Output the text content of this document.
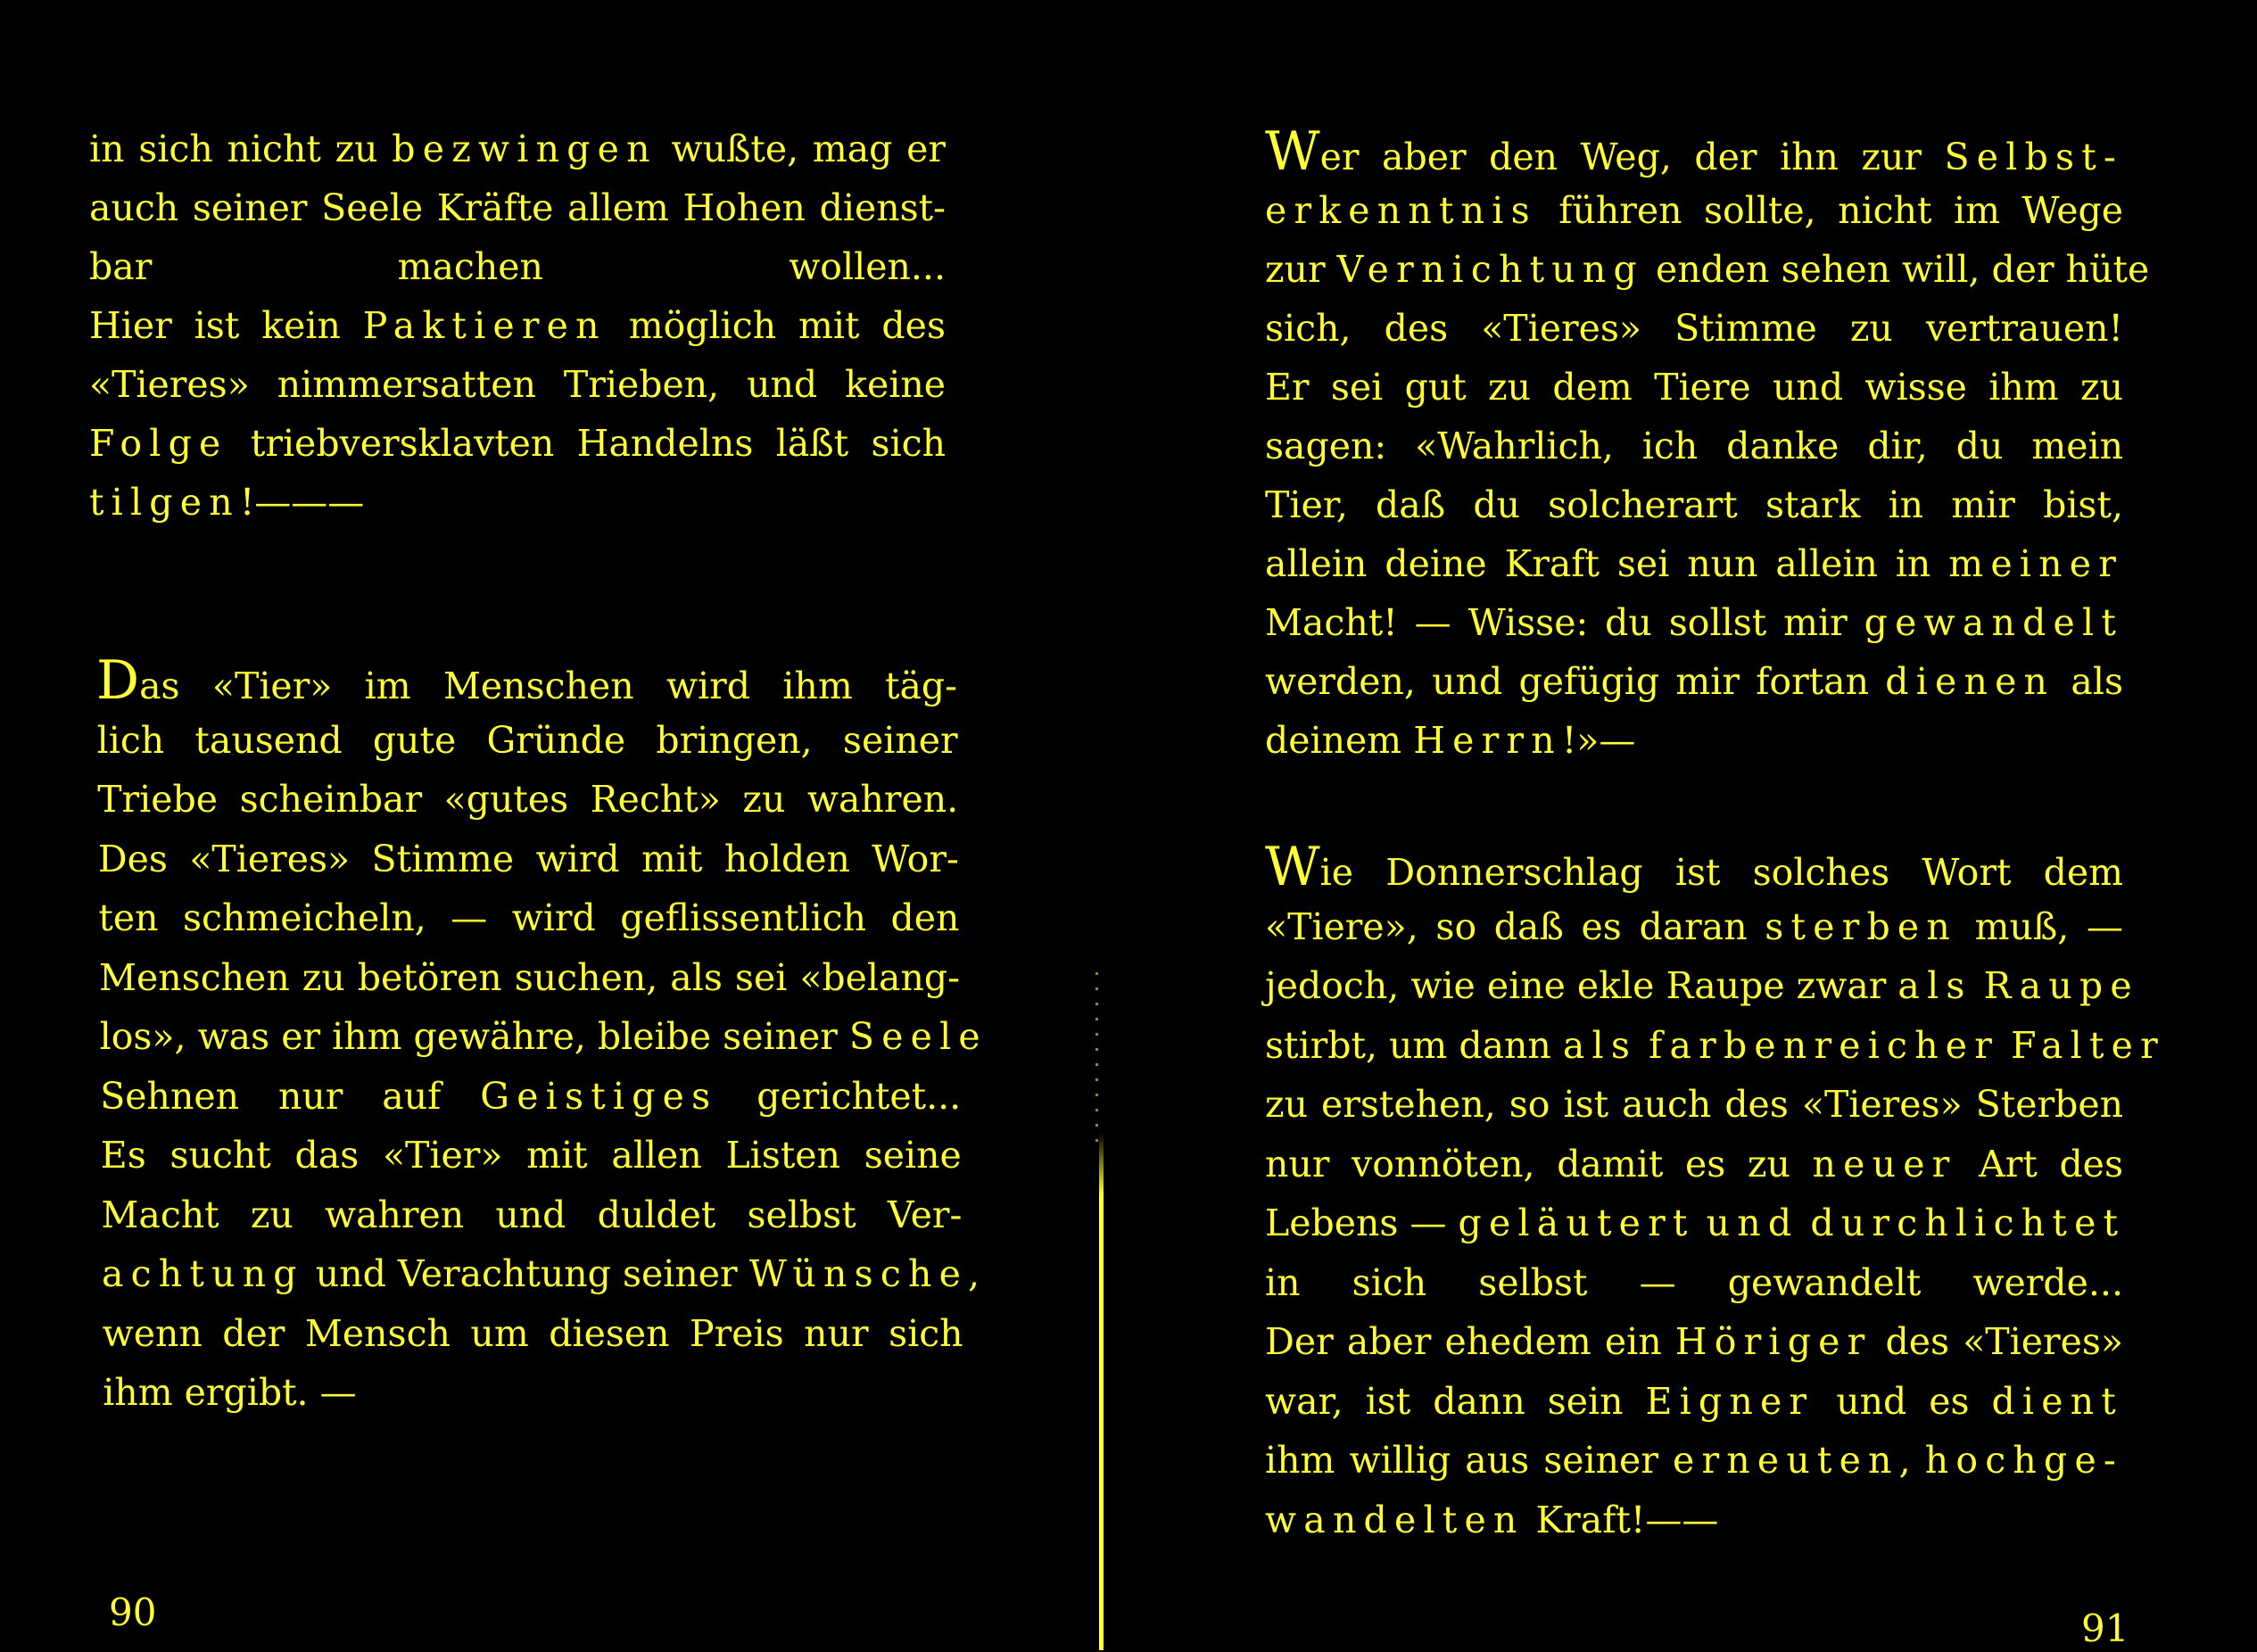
in sich nicht zu bezwingen wußte, mag er
auch seiner Seele Kräfte allem Hohen dienst-
bar machen wollen...
Hier ist kein Paktieren möglich mit des
«Tieres» nimmersatten Trieben, und keine
Folge triebversklavten Handelns läßt sich
tilgen!———
Das «Tier» im Menschen wird ihm täg-
lich tausend gute Gründe bringen, seiner
Triebe scheinbar «gutes Recht» zu wahren.
Des «Tieres» Stimme wird mit holden Wor-
ten schmeicheln, — wird geflissentlich den
Menschen zu betören suchen, als sei «belang-
los», was er ihm gewähre, bleibe seiner Seele
Sehnen nur auf Geistiges gerichtet...
Es sucht das «Tier» mit allen Listen seine
Macht zu wahren und duldet selbst Ver-
achtung und Verachtung seiner Wünsche,
wenn der Mensch um diesen Preis nur sich
ihm ergibt. —
90
Wer aber den Weg, der ihn zur Selbst-
erkenntnis führen sollte, nicht im Wege
zur Vernichtung enden sehen will, der hüte
sich, des «Tieres» Stimme zu vertrauen!
Er sei gut zu dem Tiere und wisse ihm zu
sagen: «Wahrlich, ich danke dir, du mein
Tier, daß du solcherart stark in mir bist,
allein deine Kraft sei nun allein in meiner
Macht! — Wisse: du sollst mir gewandelt
werden, und gefügig mir fortan dienen als
deinem Herrn!»—
Wie Donnerschlag ist solches Wort dem
«Tiere», so daß es daran sterben muß, —
jedoch, wie eine ekle Raupe zwar als Raupe
stirbt, um dann als farbenreicher Falter
zu erstehen, so ist auch des «Tieres» Sterben
nur vonnöten, damit es zu neuer Art des
Lebens — geläutert und durchlichtet
in sich selbst — gewandelt werde...
Der aber ehedem ein Höriger des «Tieres»
war, ist dann sein Eigner und es dient
ihm willig aus seiner erneuten, hochge-
wandelten Kraft!——
91
